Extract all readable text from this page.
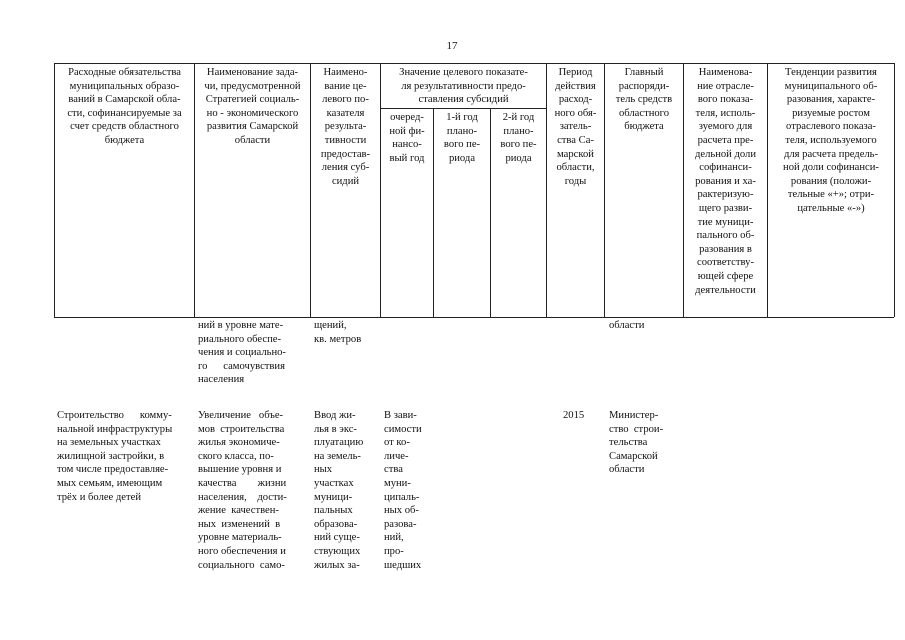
17
Расходные обязательства
муниципальных образо-
ваний в Самарской обла-
сти, софинансируемые за
счет средств областного
бюджета
Наименование зада-
чи, предусмотренной
Стратегией социаль-
но - экономического
развития Самарской
области
Наимено-
вание це-
левого по-
казателя
результа-
тивности
предостав-
ления суб-
сидий
Значение целевого показате-
ля результативности предо-
ставления субсидий
очеред-
ной фи-
нансо-
вый год
1-й год
плано-
вого пе-
риода
2-й год
плано-
вого пе-
риода
Период
действия
расход-
ного обя-
затель-
ства Са-
марской
области,
годы
Главный
распоряди-
тель средств
областного
бюджета
Наименова-
ние отрасле-
вого показа-
теля, исполь-
зуемого для
расчета пре-
дельной доли
софинанси-
рования и ха-
рактеризую-
щего разви-
тие муници-
пального об-
разования в
соответству-
ющей сфере
деятельности
Тенденции развития
муниципального об-
разования, характе-
ризуемые ростом
отраслевого показа-
теля, используемого
для расчета предель-
ной доли софинанси-
рования (положи-
тельные «+»; отри-
цательные «-»)
ний в уровне мате-
риального обеспе-
чения и социально-
го      самочувствия
населения
щений,
кв. метров
области
Строительство      комму-
нальной инфраструктуры
на земельных участках
жилищной застройки, в
том числе предоставляе-
мых семьям, имеющим
трёх и более детей
Увеличение   объе-
мов  строительства
жилья экономиче-
ского класса, по-
вышение уровня и
качества        жизни
населения,    дости-
жение  качествен-
ных  изменений  в
уровне материаль-
ного обеспечения и
социального  само-
Ввод жи-
лья в экс-
плуатацию
на земель-
ных
участках
муници-
пальных
образова-
ний суще-
ствующих
жилых за-
В зави-
симости
от ко-
личе-
ства
муни-
ципаль-
ных об-
разова-
ний,
про-
шедших
2015 Министер-
ство  строи-
тельства
Самарской
области
